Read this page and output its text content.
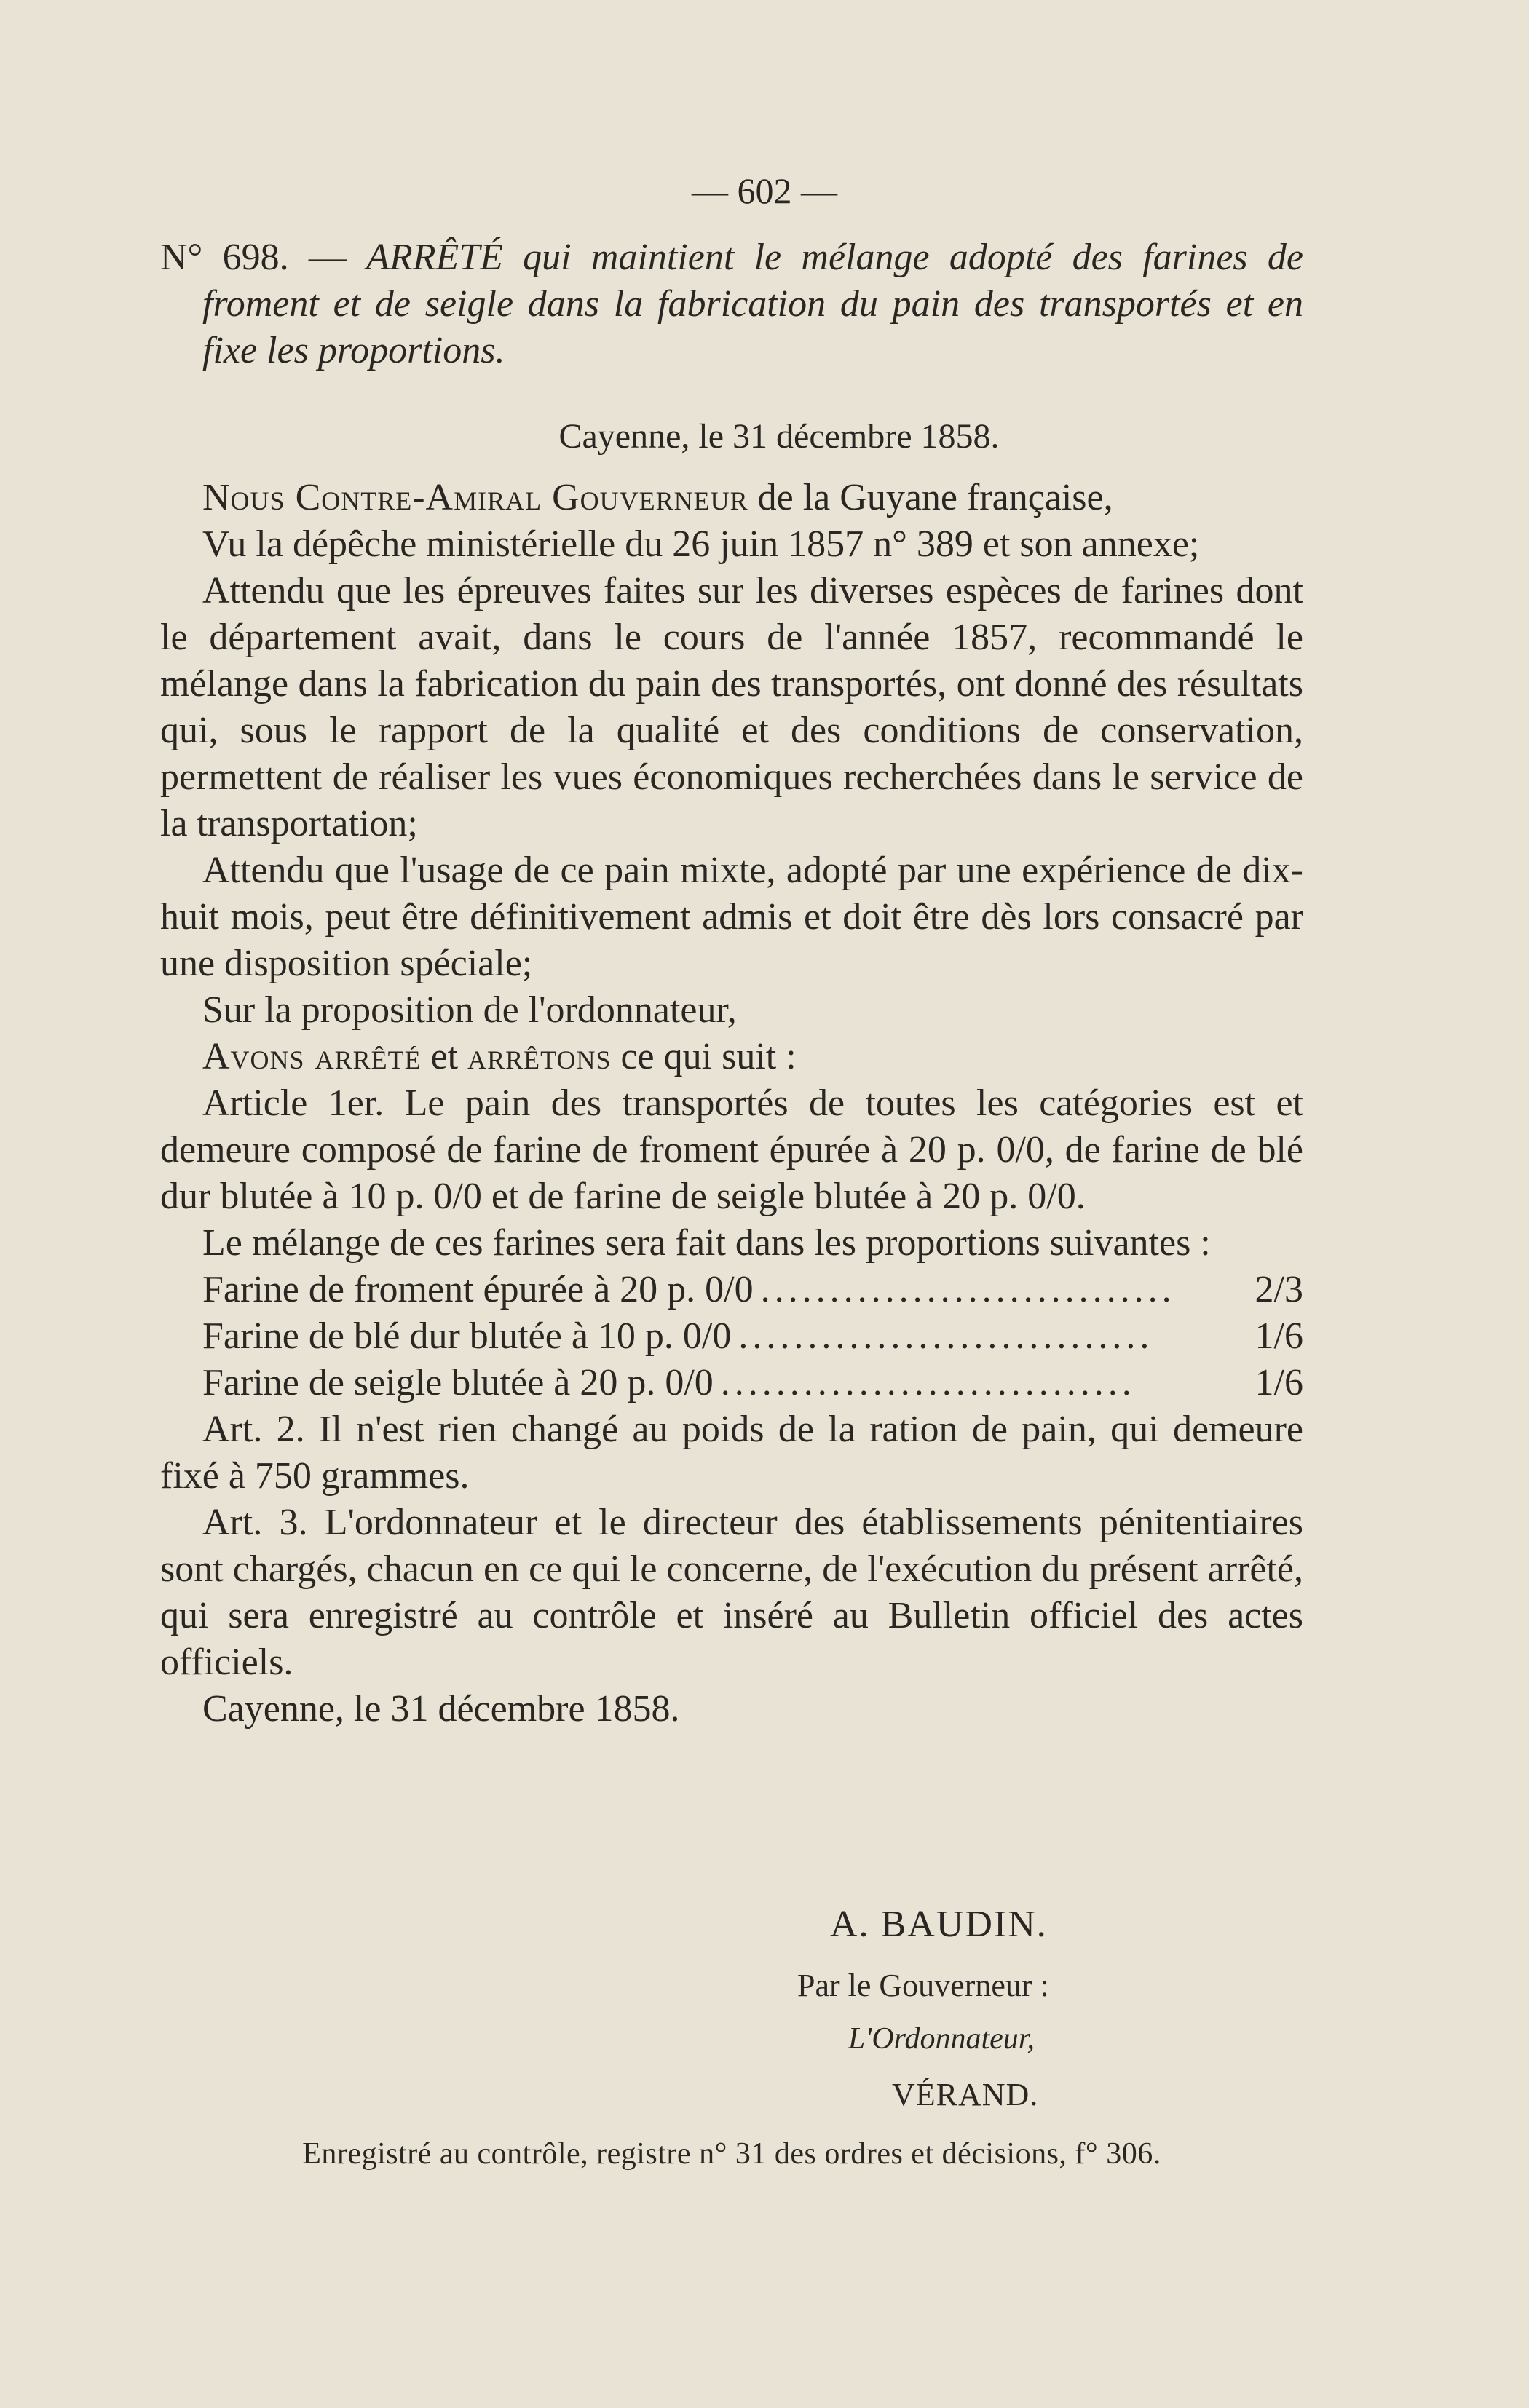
— 602 —

N° 698. — ARRÊTÉ qui maintient le mélange adopté des farines de froment et de seigle dans la fabrication du pain des transportés et en fixe les proportions.

Cayenne, le 31 décembre 1858.

Nous Contre-Amiral Gouverneur de la Guyane française,

Vu la dépêche ministérielle du 26 juin 1857 n° 389 et son annexe;

Attendu que les épreuves faites sur les diverses espèces de farines dont le département avait, dans le cours de l'année 1857, recommandé le mélange dans la fabrication du pain des transportés, ont donné des résultats qui, sous le rapport de la qualité et des conditions de conservation, permettent de réaliser les vues économiques recherchées dans le service de la transportation;

Attendu que l'usage de ce pain mixte, adopté par une expérience de dix-huit mois, peut être définitivement admis et doit être dès lors consacré par une disposition spéciale;

Sur la proposition de l'ordonnateur,

Avons arrêté et arrêtons ce qui suit :

Article 1er. Le pain des transportés de toutes les catégories est et demeure composé de farine de froment épurée à 20 p. 0/0, de farine de blé dur blutée à 10 p. 0/0 et de farine de seigle blutée à 20 p. 0/0.

Le mélange de ces farines sera fait dans les proportions suivantes :

Farine de froment épurée à 20 p. 0/0 ..............................	2/3
Farine de blé dur blutée à 10 p. 0/0 ..............................	1/6
Farine de seigle blutée à 20 p. 0/0 ..............................	1/6

Art. 2. Il n'est rien changé au poids de la ration de pain, qui demeure fixé à 750 grammes.

Art. 3. L'ordonnateur et le directeur des établissements pénitentiaires sont chargés, chacun en ce qui le concerne, de l'exécution du présent arrêté, qui sera enregistré au contrôle et inséré au Bulletin officiel des actes officiels.

Cayenne, le 31 décembre 1858.

A. BAUDIN.
Par le Gouverneur :
L'Ordonnateur,
VÉRAND.
Enregistré au contrôle, registre n° 31 des ordres et décisions, f° 306.
